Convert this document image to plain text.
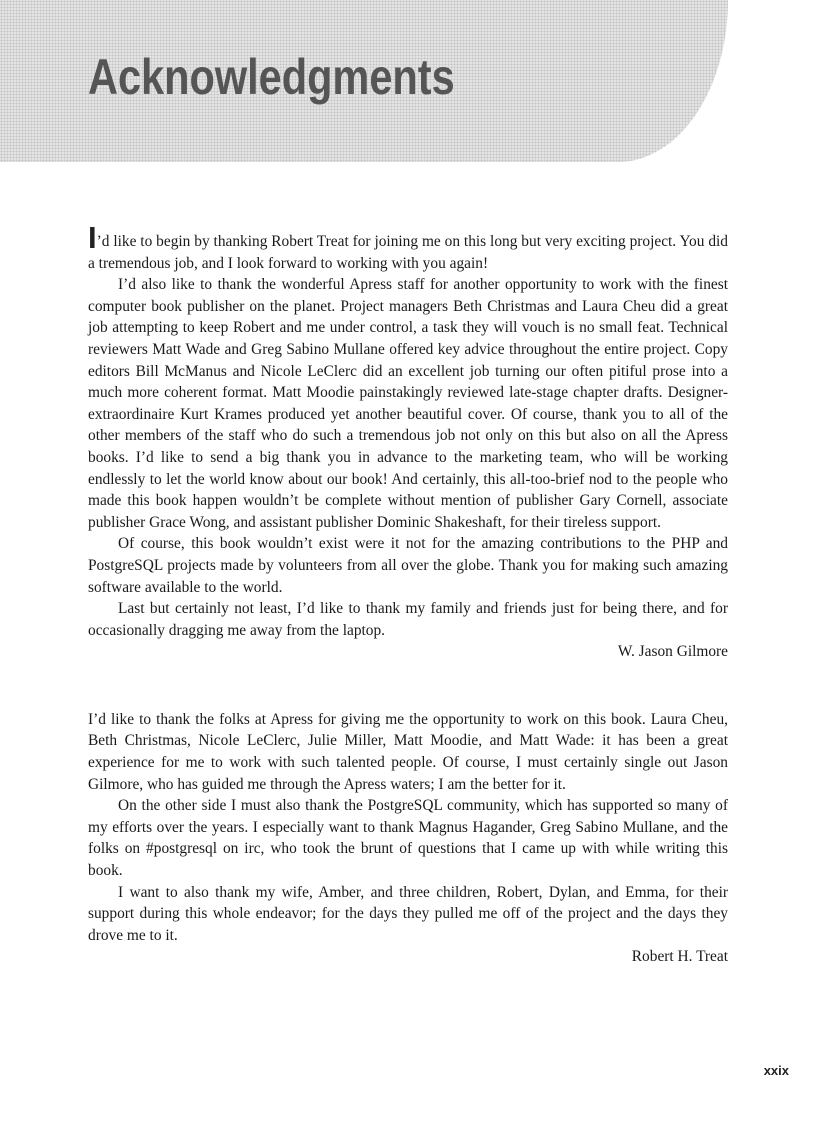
Acknowledgments

I’d like to begin by thanking Robert Treat for joining me on this long but very exciting project. You did a tremendous job, and I look forward to working with you again!

I’d also like to thank the wonderful Apress staff for another opportunity to work with the finest computer book publisher on the planet. Project managers Beth Christmas and Laura Cheu did a great job attempting to keep Robert and me under control, a task they will vouch is no small feat. Technical reviewers Matt Wade and Greg Sabino Mullane offered key advice throughout the entire project. Copy editors Bill McManus and Nicole LeClerc did an excellent job turning our often pitiful prose into a much more coherent format. Matt Moodie painstakingly reviewed late-stage chapter drafts. Designer-extraordinaire Kurt Krames produced yet another beautiful cover. Of course, thank you to all of the other members of the staff who do such a tremendous job not only on this but also on all the Apress books. I’d like to send a big thank you in advance to the marketing team, who will be working endlessly to let the world know about our book! And certainly, this all-too-brief nod to the people who made this book happen wouldn’t be complete without mention of publisher Gary Cornell, associate publisher Grace Wong, and assistant publisher Dominic Shakeshaft, for their tireless support.

Of course, this book wouldn’t exist were it not for the amazing contributions to the PHP and PostgreSQL projects made by volunteers from all over the globe. Thank you for making such amazing software available to the world.

Last but certainly not least, I’d like to thank my family and friends just for being there, and for occasionally dragging me away from the laptop.

W. Jason Gilmore

I’d like to thank the folks at Apress for giving me the opportunity to work on this book. Laura Cheu, Beth Christmas, Nicole LeClerc, Julie Miller, Matt Moodie, and Matt Wade: it has been a great experience for me to work with such talented people. Of course, I must certainly single out Jason Gilmore, who has guided me through the Apress waters; I am the better for it.

On the other side I must also thank the PostgreSQL community, which has supported so many of my efforts over the years. I especially want to thank Magnus Hagander, Greg Sabino Mullane, and the folks on #postgresql on irc, who took the brunt of questions that I came up with while writing this book.

I want to also thank my wife, Amber, and three children, Robert, Dylan, and Emma, for their support during this whole endeavor; for the days they pulled me off of the project and the days they drove me to it.

Robert H. Treat

xxix
